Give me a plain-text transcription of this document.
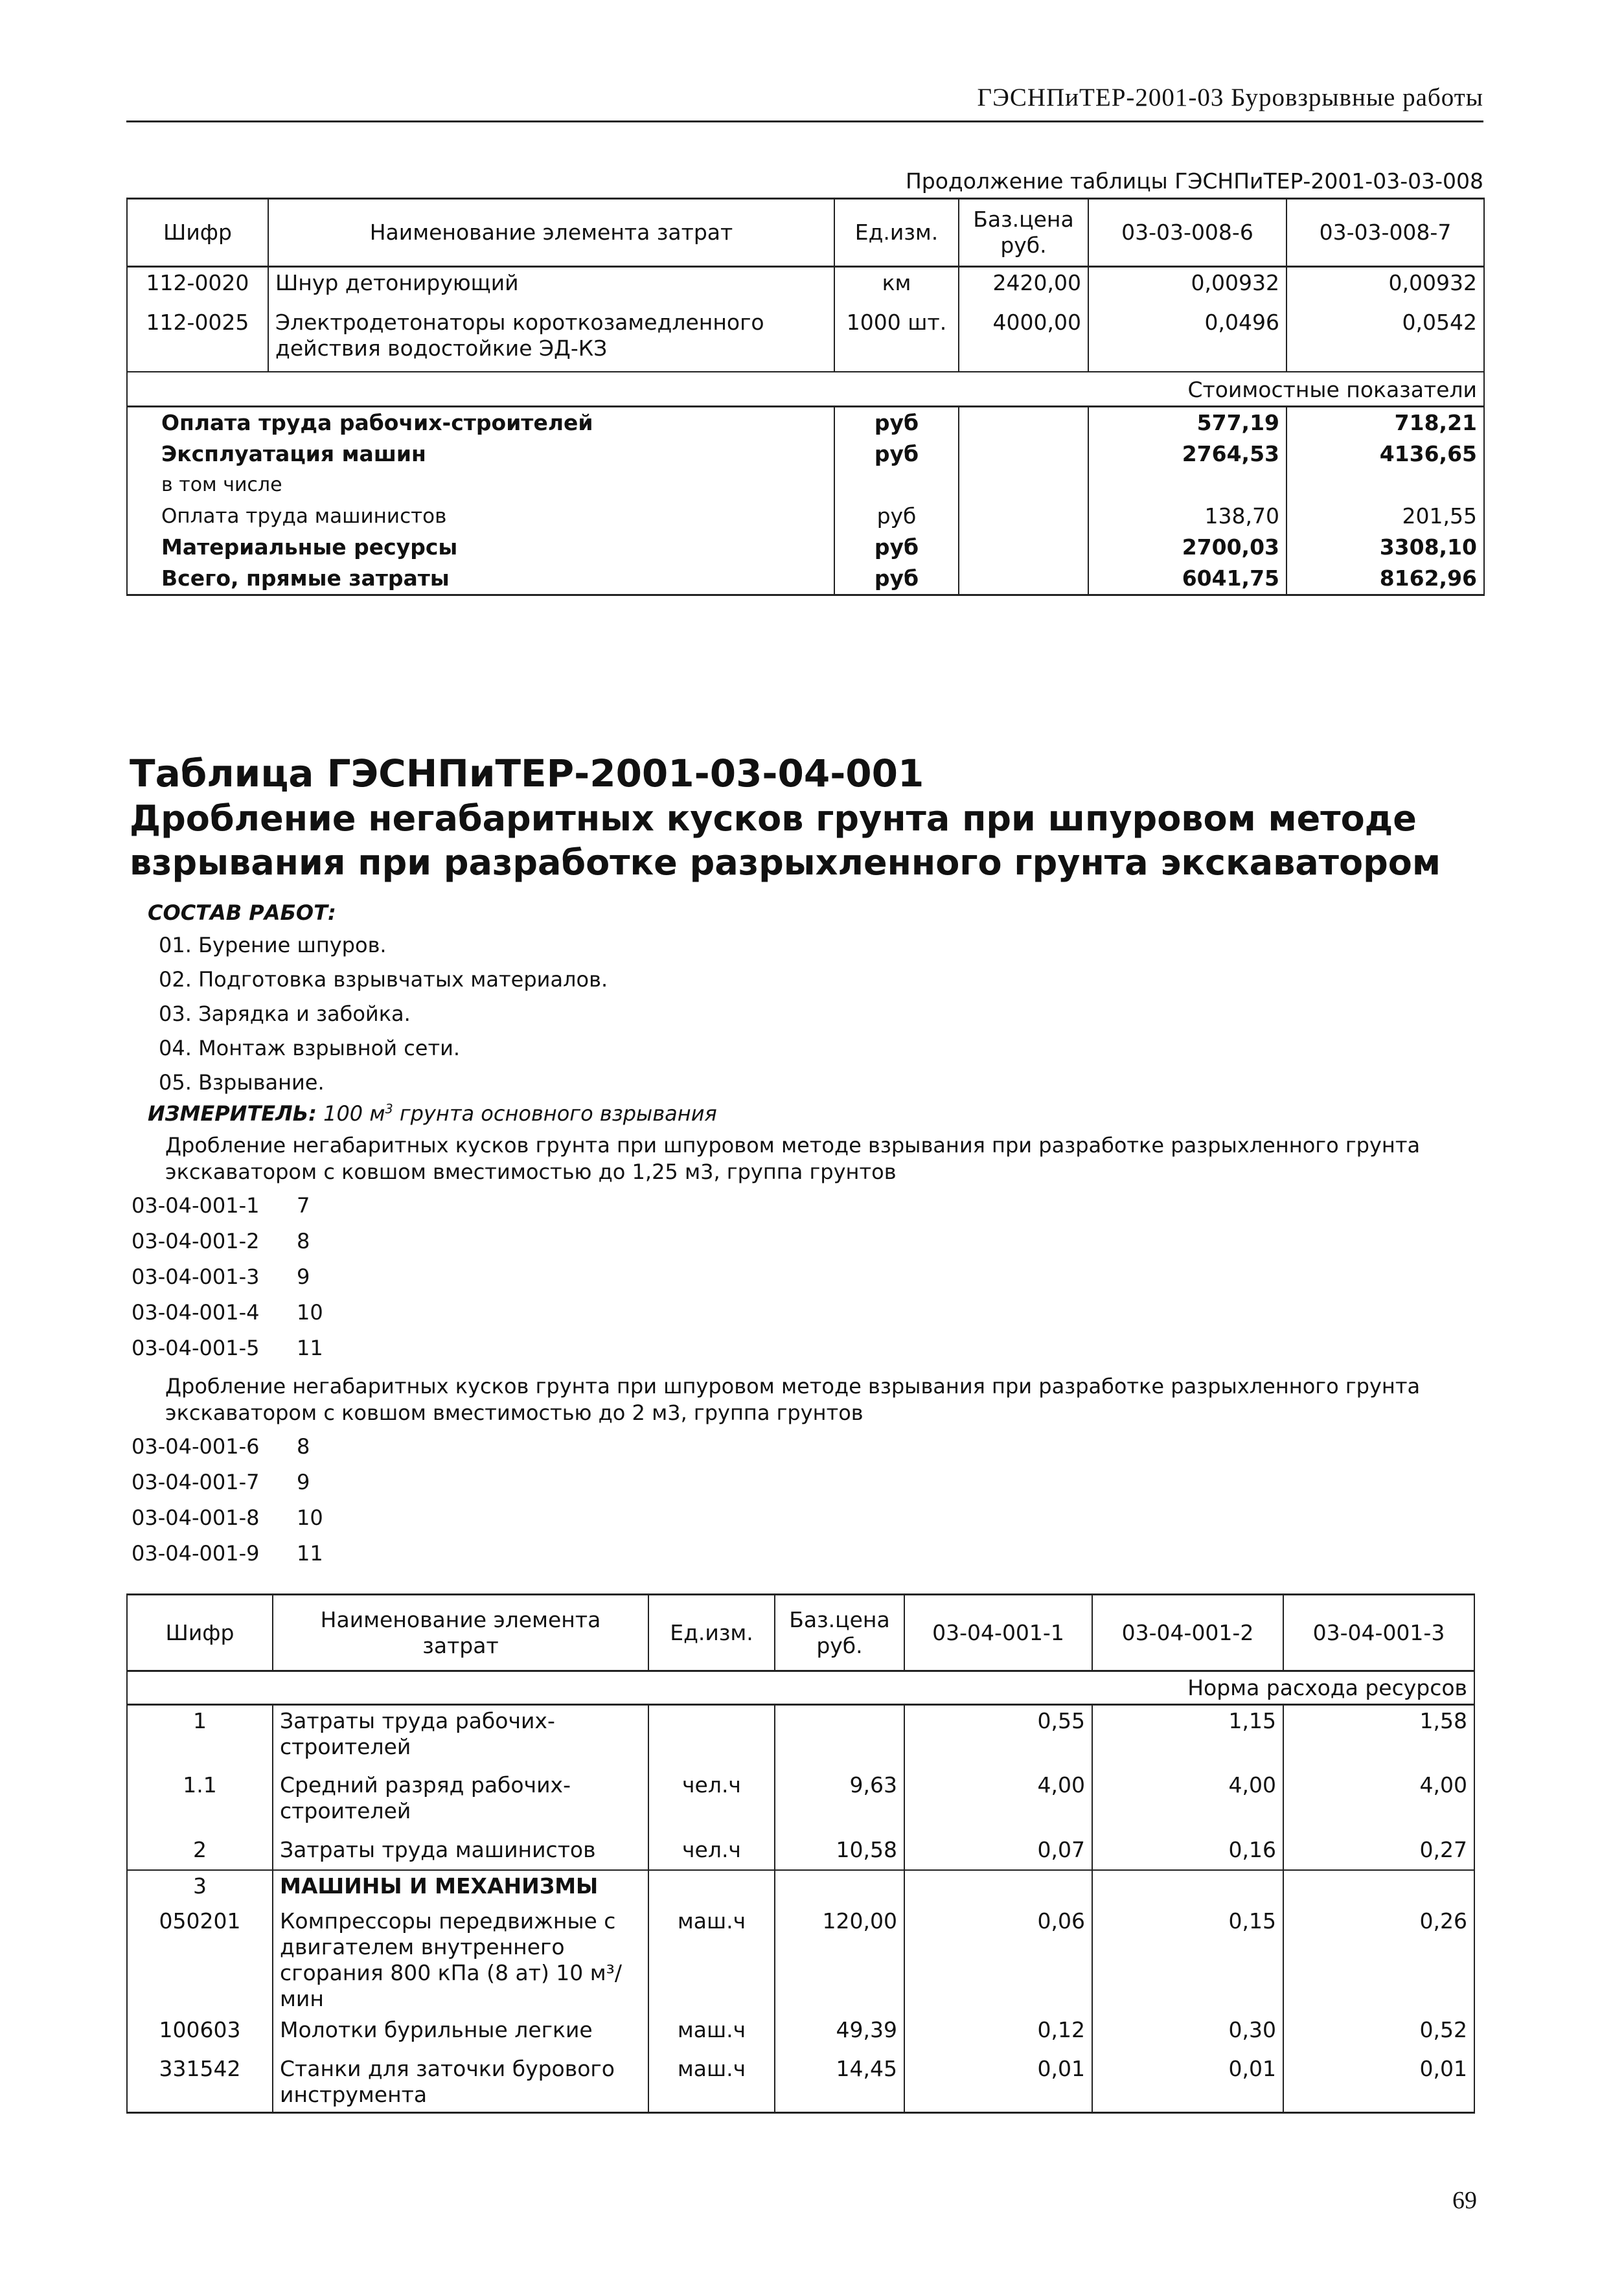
ГЭСНПиТЕР-2001-03 Буровзрывные работы
Продолжение таблицы ГЭСНПиТЕР-2001-03-03-008
Шифр	Наименование элемента затрат	Ед.изм.	Баз.цена руб.	03-03-008-6	03-03-008-7
112-0020	Шнур детонирующий	км	2420,00	0,00932	0,00932
112-0025	Электродетонаторы короткозамедленного действия водостойкие ЭД-КЗ	1000 шт.	4000,00	0,0496	0,0542
Стоимостные показатели					
Оплата труда рабочих-строителей		руб		577,19	718,21
Эксплуатация машин		руб		2764,53	4136,65
в том числе					
Оплата труда машинистов		руб		138,70	201,55
Материальные ресурсы		руб		2700,03	3308,10
Всего, прямые затраты		руб		6041,75	8162,96
Таблица ГЭСНПиТЕР-2001-03-04-001
Дробление негабаритных кусков грунта при шпуровом методе взрывания при разработке разрыхленного грунта экскаватором
СОСТАВ РАБОТ:
01. Бурение шпуров.
02. Подготовка взрывчатых материалов.
03. Зарядка и забойка.
04. Монтаж взрывной сети.
05. Взрывание.
ИЗМЕРИТЕЛЬ: 100 $м^3$ грунта основного взрывания
Дробление негабаритных кусков грунта при шпуровом методе взрывания при разработке разрыхленного грунта экскаватором с ковшом вместимостью до 1,25 м3, группа грунтов
03-04-001-1 7
03-04-001-2 8
03-04-001-3 9
03-04-001-4 10
03-04-001-5 11
Дробление негабаритных кусков грунта при шпуровом методе взрывания при разработке разрыхленного грунта экскаватором с ковшом вместимостью до 2 м3, группа грунтов
03-04-001-6 8
03-04-001-7 9
03-04-001-8 10
03-04-001-9 11
Шифр	Наименование элемента затрат	Ед.изм.	Баз.цена руб.	03-04-001-1	03-04-001-2	03-04-001-3
Норма расхода ресурсов						
1	Затраты труда рабочих-строителей			0,55	1,15	1,58
1.1	Средний разряд рабочих-строителей	чел.ч	9,63	4,00	4,00	4,00
2	Затраты труда машинистов	чел.ч	10,58	0,07	0,16	0,27
3	МАШИНЫ И МЕХАНИЗМЫ					
050201	Компрессоры передвижные с двигателем внутреннего сгорания 800 кПа (8 ат) 10 м³/мин	маш.ч	120,00	0,06	0,15	0,26
100603	Молотки бурильные легкие	маш.ч	49,39	0,12	0,30	0,52
331542	Станки для заточки бурового инструмента	маш.ч	14,45	0,01	0,01	0,01
69
